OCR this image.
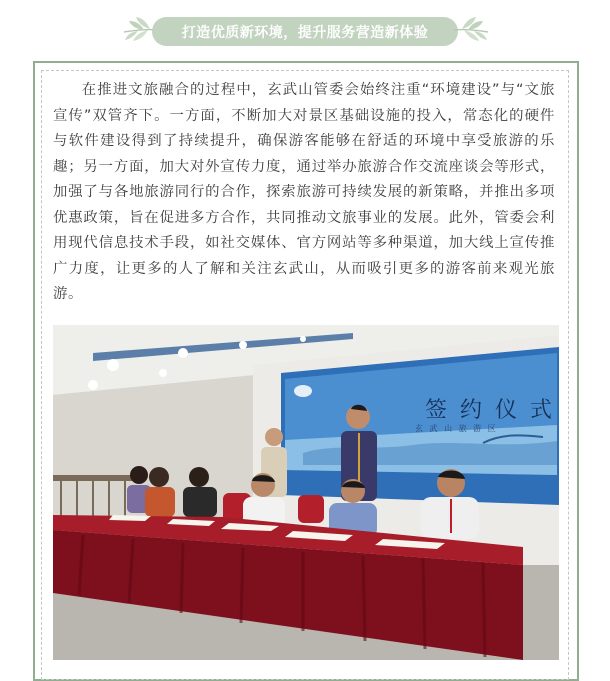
打造优质新环境，提升服务营造新体验

在推进文旅融合的过程中，玄武山管委会始终注重“环境建设”与“文旅宣传”双管齐下。一方面，不断加大对景区基础设施的投入，常态化的硬件与软件建设得到了持续提升，确保游客能够在舒适的环境中享受旅游的乐趣；另一方面，加大对外宣传力度，通过举办旅游合作交流座谈会等形式，加强了与各地旅游同行的合作，探索旅游可持续发展的新策略，并推出多项优惠政策，旨在促进多方合作，共同推动文旅事业的发展。此外，管委会利用现代信息技术手段，如社交媒体、官方网站等多种渠道，加大线上宣传推广力度，让更多的人了解和关注玄武山，从而吸引更多的游客前来观光旅游。

签 约 仪 式
玄 武 山 旅 游 区
